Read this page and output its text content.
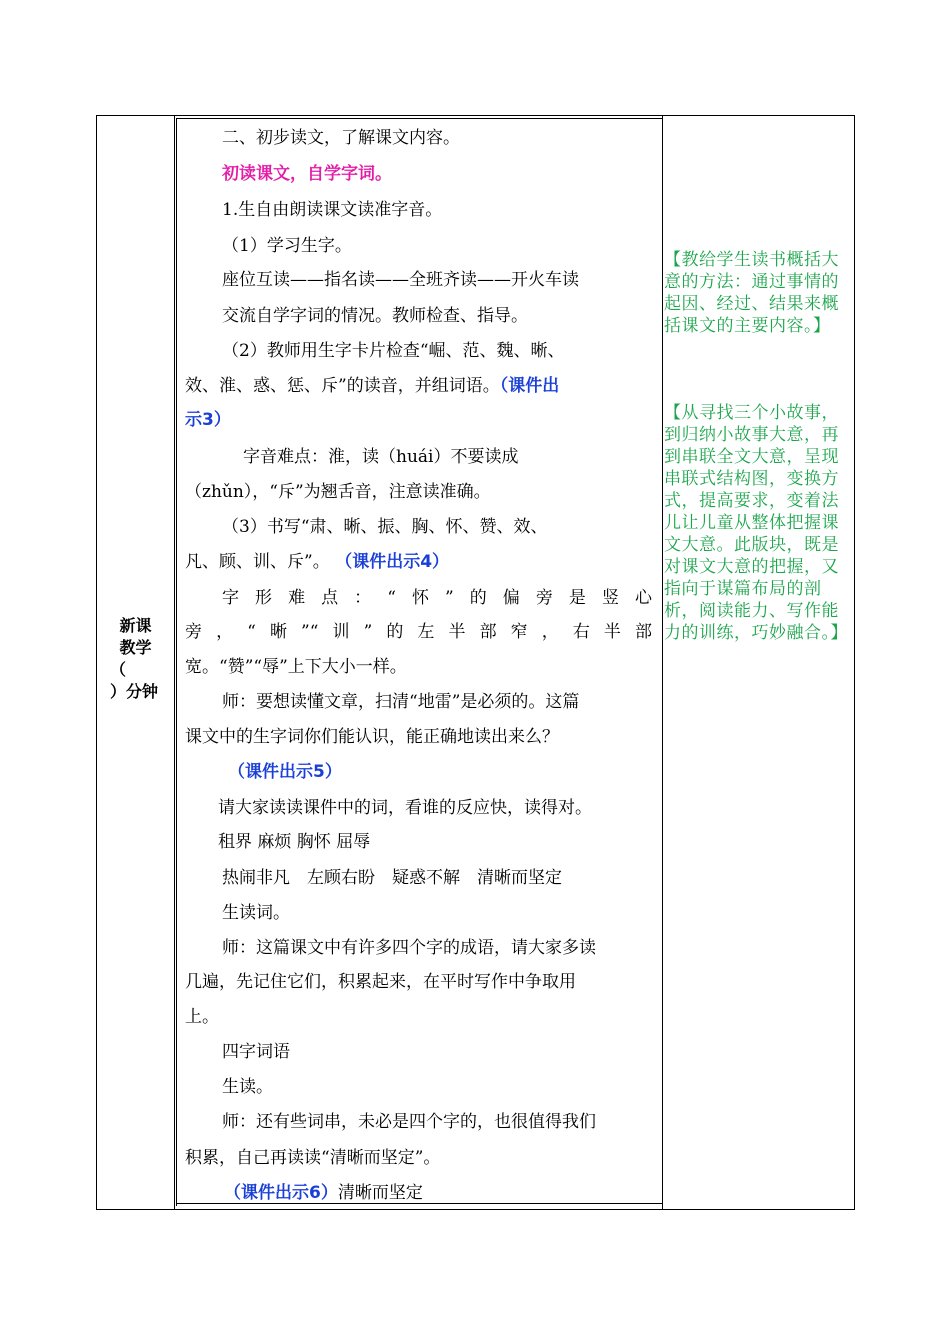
新课
教学
（
）分钟
二、初步读文，了解课文内容。
初读课文，自学字词。
1.生自由朗读课文读准字音。
（1）学习生字。
座位互读——指名读——全班齐读——开火车读
交流自学字词的情况。教师检查、指导。
（2）教师用生字卡片检查“崛、范、魏、晰、
效、淮、惑、惩、斥”的读音，并组词语。（课件出
示3）
字音难点：淮，读（huái）不要读成
（zhǔn），“斥”为翘舌音，注意读准确。
（3）书写“肃、晰、振、胸、怀、赞、效、
凡、顾、训、斥”。 （课件出示4）
字形难点：“怀”的偏旁是竖心
旁，“晰”“训”的左半部窄，右半部
宽。“赞”“辱”上下大小一样。
师：要想读懂文章，扫清“地雷”是必须的。这篇
课文中的生字词你们能认识，能正确地读出来么？
（课件出示5）
请大家读读课件中的词，看谁的反应快，读得对。
租界 麻烦 胸怀 屈辱
热闹非凡　左顾右盼　疑惑不解　清晰而坚定
生读词。
师：这篇课文中有许多四个字的成语，请大家多读
几遍，先记住它们，积累起来，在平时写作中争取用
上。
四字词语
生读。
师：还有些词串，未必是四个字的，也很值得我们
积累，自己再读读“清晰而坚定”。
（课件出示6）清晰而坚定
【教给学生读书概括大意的方法：通过事情的起因、经过、结果来概括课文的主要内容。】
【从寻找三个小故事，到归纳小故事大意，再到串联全文大意，呈现串联式结构图，变换方式，提高要求，变着法儿让儿童从整体把握课文大意。此版块，既是对课文大意的把握，又指向于谋篇布局的剖析，阅读能力、写作能力的训练，巧妙融合。】
